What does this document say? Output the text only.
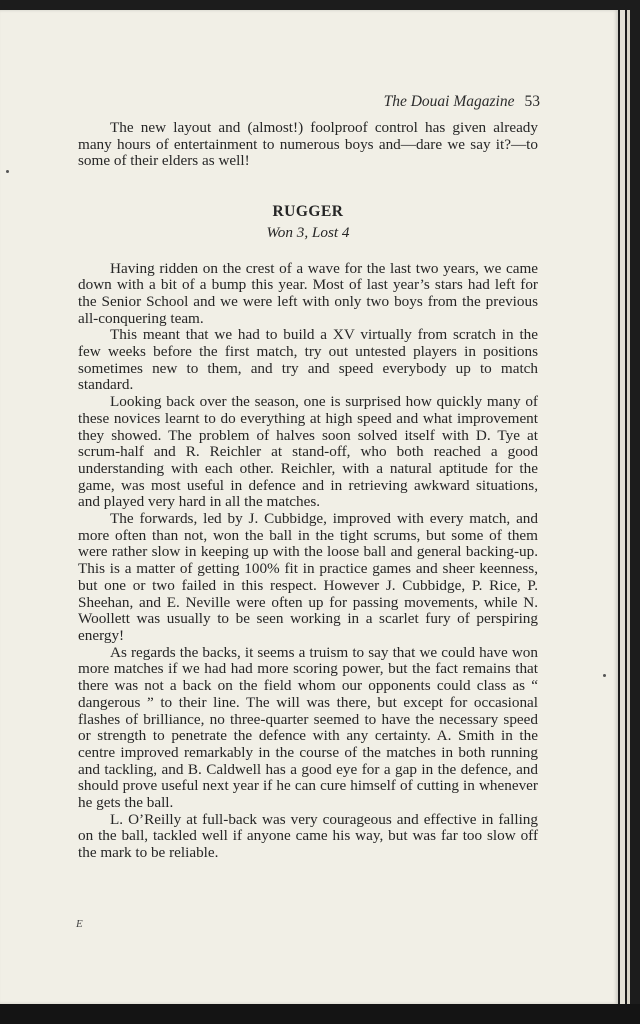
The Douai Magazine 53

The new layout and (almost!) foolproof control has given already many hours of entertainment to numerous boys and—dare we say it?—to some of their elders as well!

RUGGER
Won 3, Lost 4

Having ridden on the crest of a wave for the last two years, we came down with a bit of a bump this year. Most of last year’s stars had left for the Senior School and we were left with only two boys from the previous all-conquering team.

This meant that we had to build a XV virtually from scratch in the few weeks before the first match, try out untested players in positions sometimes new to them, and try and speed everybody up to match standard.

Looking back over the season, one is surprised how quickly many of these novices learnt to do everything at high speed and what improvement they showed. The problem of halves soon solved itself with D. Tye at scrum-half and R. Reichler at stand-off, who both reached a good understanding with each other. Reichler, with a natural aptitude for the game, was most useful in defence and in retrieving awkward situations, and played very hard in all the matches.

The forwards, led by J. Cubbidge, improved with every match, and more often than not, won the ball in the tight scrums, but some of them were rather slow in keeping up with the loose ball and general backing-up. This is a matter of getting 100% fit in practice games and sheer keenness, but one or two failed in this respect. However J. Cubbidge, P. Rice, P. Sheehan, and E. Neville were often up for passing movements, while N. Woollett was usually to be seen working in a scarlet fury of perspiring energy!

As regards the backs, it seems a truism to say that we could have won more matches if we had had more scoring power, but the fact remains that there was not a back on the field whom our opponents could class as “ dangerous ” to their line. The will was there, but except for occasional flashes of brilliance, no three-quarter seemed to have the necessary speed or strength to penetrate the defence with any certainty. A. Smith in the centre improved remarkably in the course of the matches in both running and tackling, and B. Caldwell has a good eye for a gap in the defence, and should prove useful next year if he can cure himself of cutting in whenever he gets the ball.

L. O’Reilly at full-back was very courageous and effective in falling on the ball, tackled well if anyone came his way, but was far too slow off the mark to be reliable.

E
